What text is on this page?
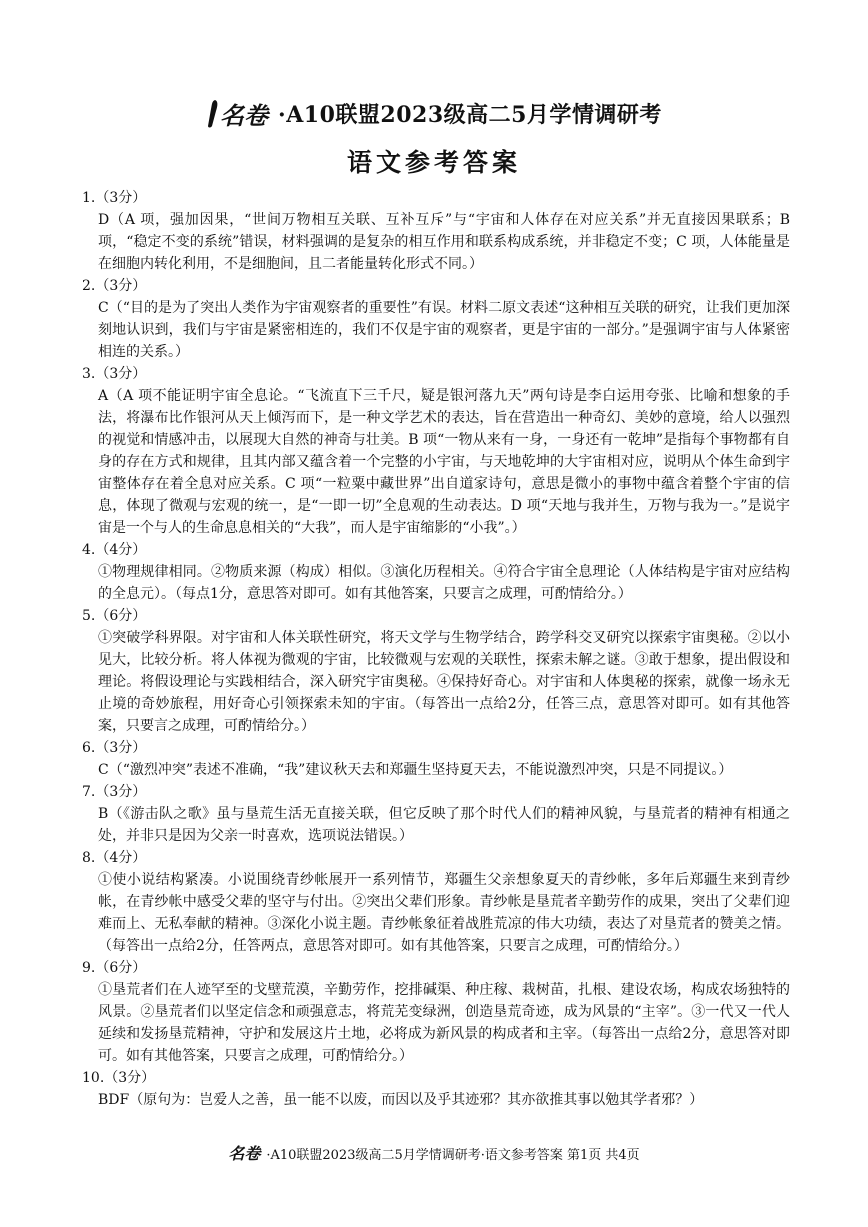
名卷 ·A10联盟2023级高二5月学情调研考
语文参考答案
1.（3分）
D（A 项，强加因果，“世间万物相互关联、互补互斥”与“宇宙和人体存在对应关系”并无直接因果联系；B 项，“稳定不变的系统”错误，材料强调的是复杂的相互作用和联系构成系统，并非稳定不变；C 项，人体能量是在细胞内转化利用，不是细胞间，且二者能量转化形式不同。）
2.（3分）
C（“目的是为了突出人类作为宇宙观察者的重要性”有误。材料二原文表述“这种相互关联的研究，让我们更加深刻地认识到，我们与宇宙是紧密相连的，我们不仅是宇宙的观察者，更是宇宙的一部分。”是强调宇宙与人体紧密相连的关系。）
3.（3分）
A（A 项不能证明宇宙全息论。“飞流直下三千尺，疑是银河落九天”两句诗是李白运用夸张、比喻和想象的手法，将瀑布比作银河从天上倾泻而下，是一种文学艺术的表达，旨在营造出一种奇幻、美妙的意境，给人以强烈的视觉和情感冲击，以展现大自然的神奇与壮美。B 项“一物从来有一身，一身还有一乾坤”是指每个事物都有自身的存在方式和规律，且其内部又蕴含着一个完整的小宇宙，与天地乾坤的大宇宙相对应，说明从个体生命到宇宙整体存在着全息对应关系。C 项“一粒粟中藏世界”出自道家诗句，意思是微小的事物中蕴含着整个宇宙的信息，体现了微观与宏观的统一，是“一即一切”全息观的生动表达。D 项“天地与我并生，万物与我为一。”是说宇宙是一个与人的生命息息相关的“大我”，而人是宇宙缩影的“小我”。）
4.（4分）
①物理规律相同。②物质来源（构成）相似。③演化历程相关。④符合宇宙全息理论（人体结构是宇宙对应结构的全息元）。（每点1分，意思答对即可。如有其他答案，只要言之成理，可酌情给分。）
5.（6分）
①突破学科界限。对宇宙和人体关联性研究，将天文学与生物学结合，跨学科交叉研究以探索宇宙奥秘。②以小见大，比较分析。将人体视为微观的宇宙，比较微观与宏观的关联性，探索未解之谜。③敢于想象，提出假设和理论。将假设理论与实践相结合，深入研究宇宙奥秘。④保持好奇心。对宇宙和人体奥秘的探索，就像一场永无止境的奇妙旅程，用好奇心引领探索未知的宇宙。（每答出一点给2分，任答三点，意思答对即可。如有其他答案，只要言之成理，可酌情给分。）
6.（3分）
C（“激烈冲突”表述不准确，“我”建议秋天去和郑疆生坚持夏天去，不能说激烈冲突，只是不同提议。）
7.（3分）
B（《游击队之歌》虽与垦荒生活无直接关联，但它反映了那个时代人们的精神风貌，与垦荒者的精神有相通之处，并非只是因为父亲一时喜欢，选项说法错误。）
8.（4分）
①使小说结构紧凑。小说围绕青纱帐展开一系列情节，郑疆生父亲想象夏天的青纱帐，多年后郑疆生来到青纱帐，在青纱帐中感受父辈的坚守与付出。②突出父辈们形象。青纱帐是垦荒者辛勤劳作的成果，突出了父辈们迎难而上、无私奉献的精神。③深化小说主题。青纱帐象征着战胜荒凉的伟大功绩，表达了对垦荒者的赞美之情。（每答出一点给2分，任答两点，意思答对即可。如有其他答案，只要言之成理，可酌情给分。）
9.（6分）
①垦荒者们在人迹罕至的戈壁荒漠，辛勤劳作，挖排碱渠、种庄稼、栽树苗，扎根、建设农场，构成农场独特的风景。②垦荒者们以坚定信念和顽强意志，将荒芜变绿洲，创造垦荒奇迹，成为风景的“主宰”。③一代又一代人延续和发扬垦荒精神，守护和发展这片土地，必将成为新风景的构成者和主宰。（每答出一点给2分，意思答对即可。如有其他答案，只要言之成理，可酌情给分。）
10.（3分）
BDF（原句为：岂爱人之善，虽一能不以废，而因以及乎其迹邪？其亦欲推其事以勉其学者邪？）
名卷 ·A10联盟2023级高二5月学情调研考·语文参考答案 第1页 共4页
